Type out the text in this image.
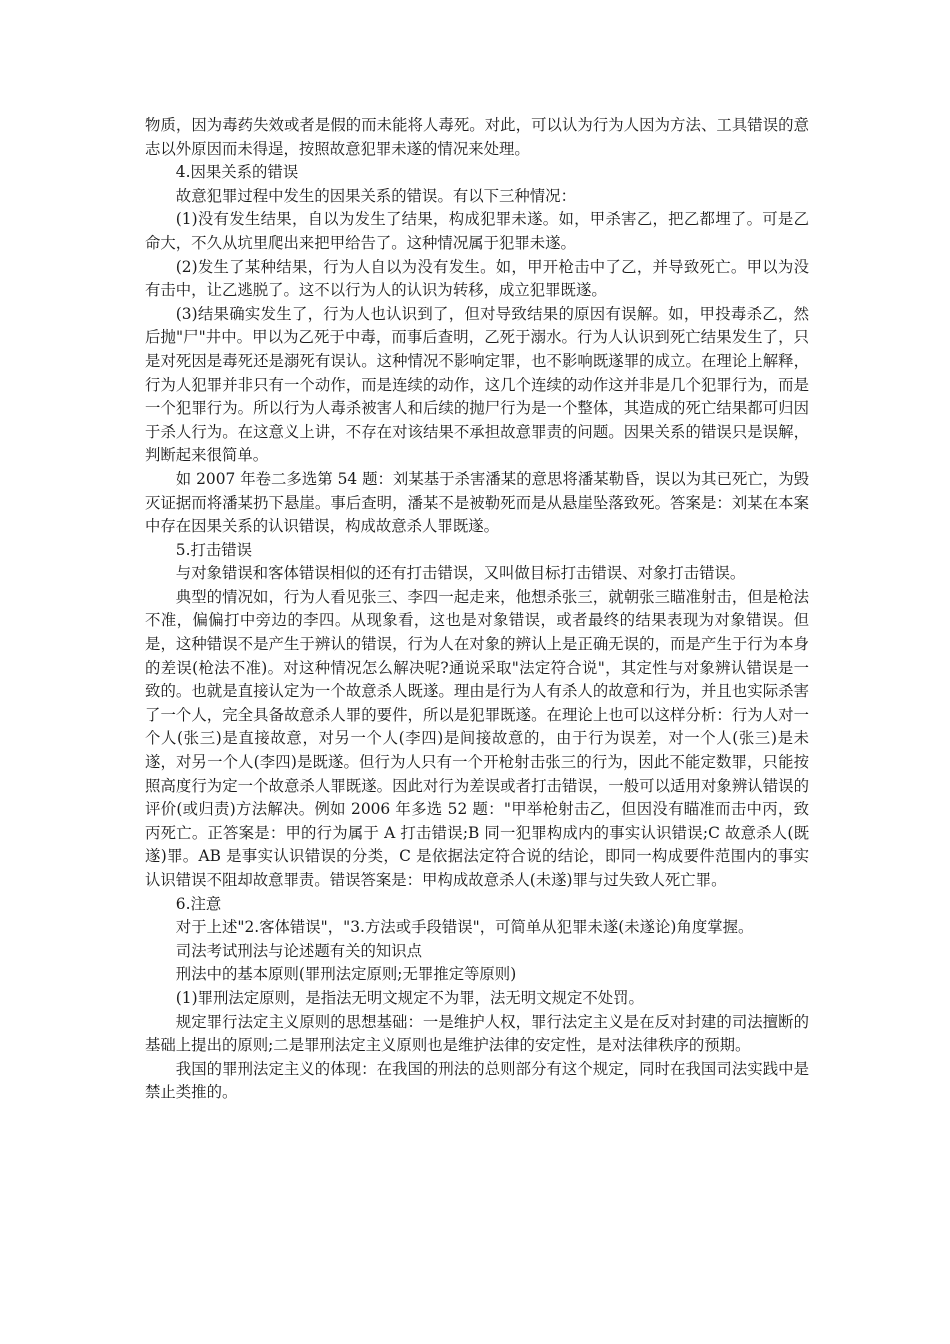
物质，因为毒药失效或者是假的而未能将人毒死。对此，可以认为行为人因为方法、工具错误的意志以外原因而未得逞，按照故意犯罪未遂的情况来处理。

4.因果关系的错误

故意犯罪过程中发生的因果关系的错误。有以下三种情况：

(1)没有发生结果，自以为发生了结果，构成犯罪未遂。如，甲杀害乙，把乙都埋了。可是乙命大，不久从坑里爬出来把甲给告了。这种情况属于犯罪未遂。

(2)发生了某种结果，行为人自以为没有发生。如，甲开枪击中了乙，并导致死亡。甲以为没有击中，让乙逃脱了。这不以行为人的认识为转移，成立犯罪既遂。

(3)结果确实发生了，行为人也认识到了，但对导致结果的原因有误解。如，甲投毒杀乙，然后抛"尸"井中。甲以为乙死于中毒，而事后查明，乙死于溺水。行为人认识到死亡结果发生了，只是对死因是毒死还是溺死有误认。这种情况不影响定罪，也不影响既遂罪的成立。在理论上解释，行为人犯罪并非只有一个动作，而是连续的动作，这几个连续的动作这并非是几个犯罪行为，而是一个犯罪行为。所以行为人毒杀被害人和后续的抛尸行为是一个整体，其造成的死亡结果都可归因于杀人行为。在这意义上讲，不存在对该结果不承担故意罪责的问题。因果关系的错误只是误解，判断起来很简单。

如 2007 年卷二多选第 54 题：刘某基于杀害潘某的意思将潘某勒昏，误以为其已死亡，为毁灭证据而将潘某扔下悬崖。事后查明，潘某不是被勒死而是从悬崖坠落致死。答案是：刘某在本案中存在因果关系的认识错误，构成故意杀人罪既遂。

5.打击错误

与对象错误和客体错误相似的还有打击错误，又叫做目标打击错误、对象打击错误。

典型的情况如，行为人看见张三、李四一起走来，他想杀张三，就朝张三瞄准射击，但是枪法不准，偏偏打中旁边的李四。从现象看，这也是对象错误，或者最终的结果表现为对象错误。但是，这种错误不是产生于辨认的错误，行为人在对象的辨认上是正确无误的，而是产生于行为本身的差误(枪法不准)。对这种情况怎么解决呢?通说采取"法定符合说"，其定性与对象辨认错误是一致的。也就是直接认定为一个故意杀人既遂。理由是行为人有杀人的故意和行为，并且也实际杀害了一个人，完全具备故意杀人罪的要件，所以是犯罪既遂。在理论上也可以这样分析：行为人对一个人(张三)是直接故意，对另一个人(李四)是间接故意的，由于行为误差，对一个人(张三)是未遂，对另一个人(李四)是既遂。但行为人只有一个开枪射击张三的行为，因此不能定数罪，只能按照高度行为定一个故意杀人罪既遂。因此对行为差误或者打击错误，一般可以适用对象辨认错误的评价(或归责)方法解决。例如 2006 年多选 52 题："甲举枪射击乙，但因没有瞄准而击中丙，致丙死亡。正答案是：甲的行为属于 A 打击错误;B 同一犯罪构成内的事实认识错误;C 故意杀人(既遂)罪。AB 是事实认识错误的分类，C 是依据法定符合说的结论，即同一构成要件范围内的事实认识错误不阻却故意罪责。错误答案是：甲构成故意杀人(未遂)罪与过失致人死亡罪。

6.注意

对于上述"2.客体错误"，"3.方法或手段错误"，可简单从犯罪未遂(未遂论)角度掌握。

司法考试刑法与论述题有关的知识点

刑法中的基本原则(罪刑法定原则;无罪推定等原则)

(1)罪刑法定原则，是指法无明文规定不为罪，法无明文规定不处罚。

规定罪行法定主义原则的思想基础：一是维护人权，罪行法定主义是在反对封建的司法擅断的基础上提出的原则;二是罪刑法定主义原则也是维护法律的安定性，是对法律秩序的预期。

我国的罪刑法定主义的体现：在我国的刑法的总则部分有这个规定，同时在我国司法实践中是禁止类推的。
